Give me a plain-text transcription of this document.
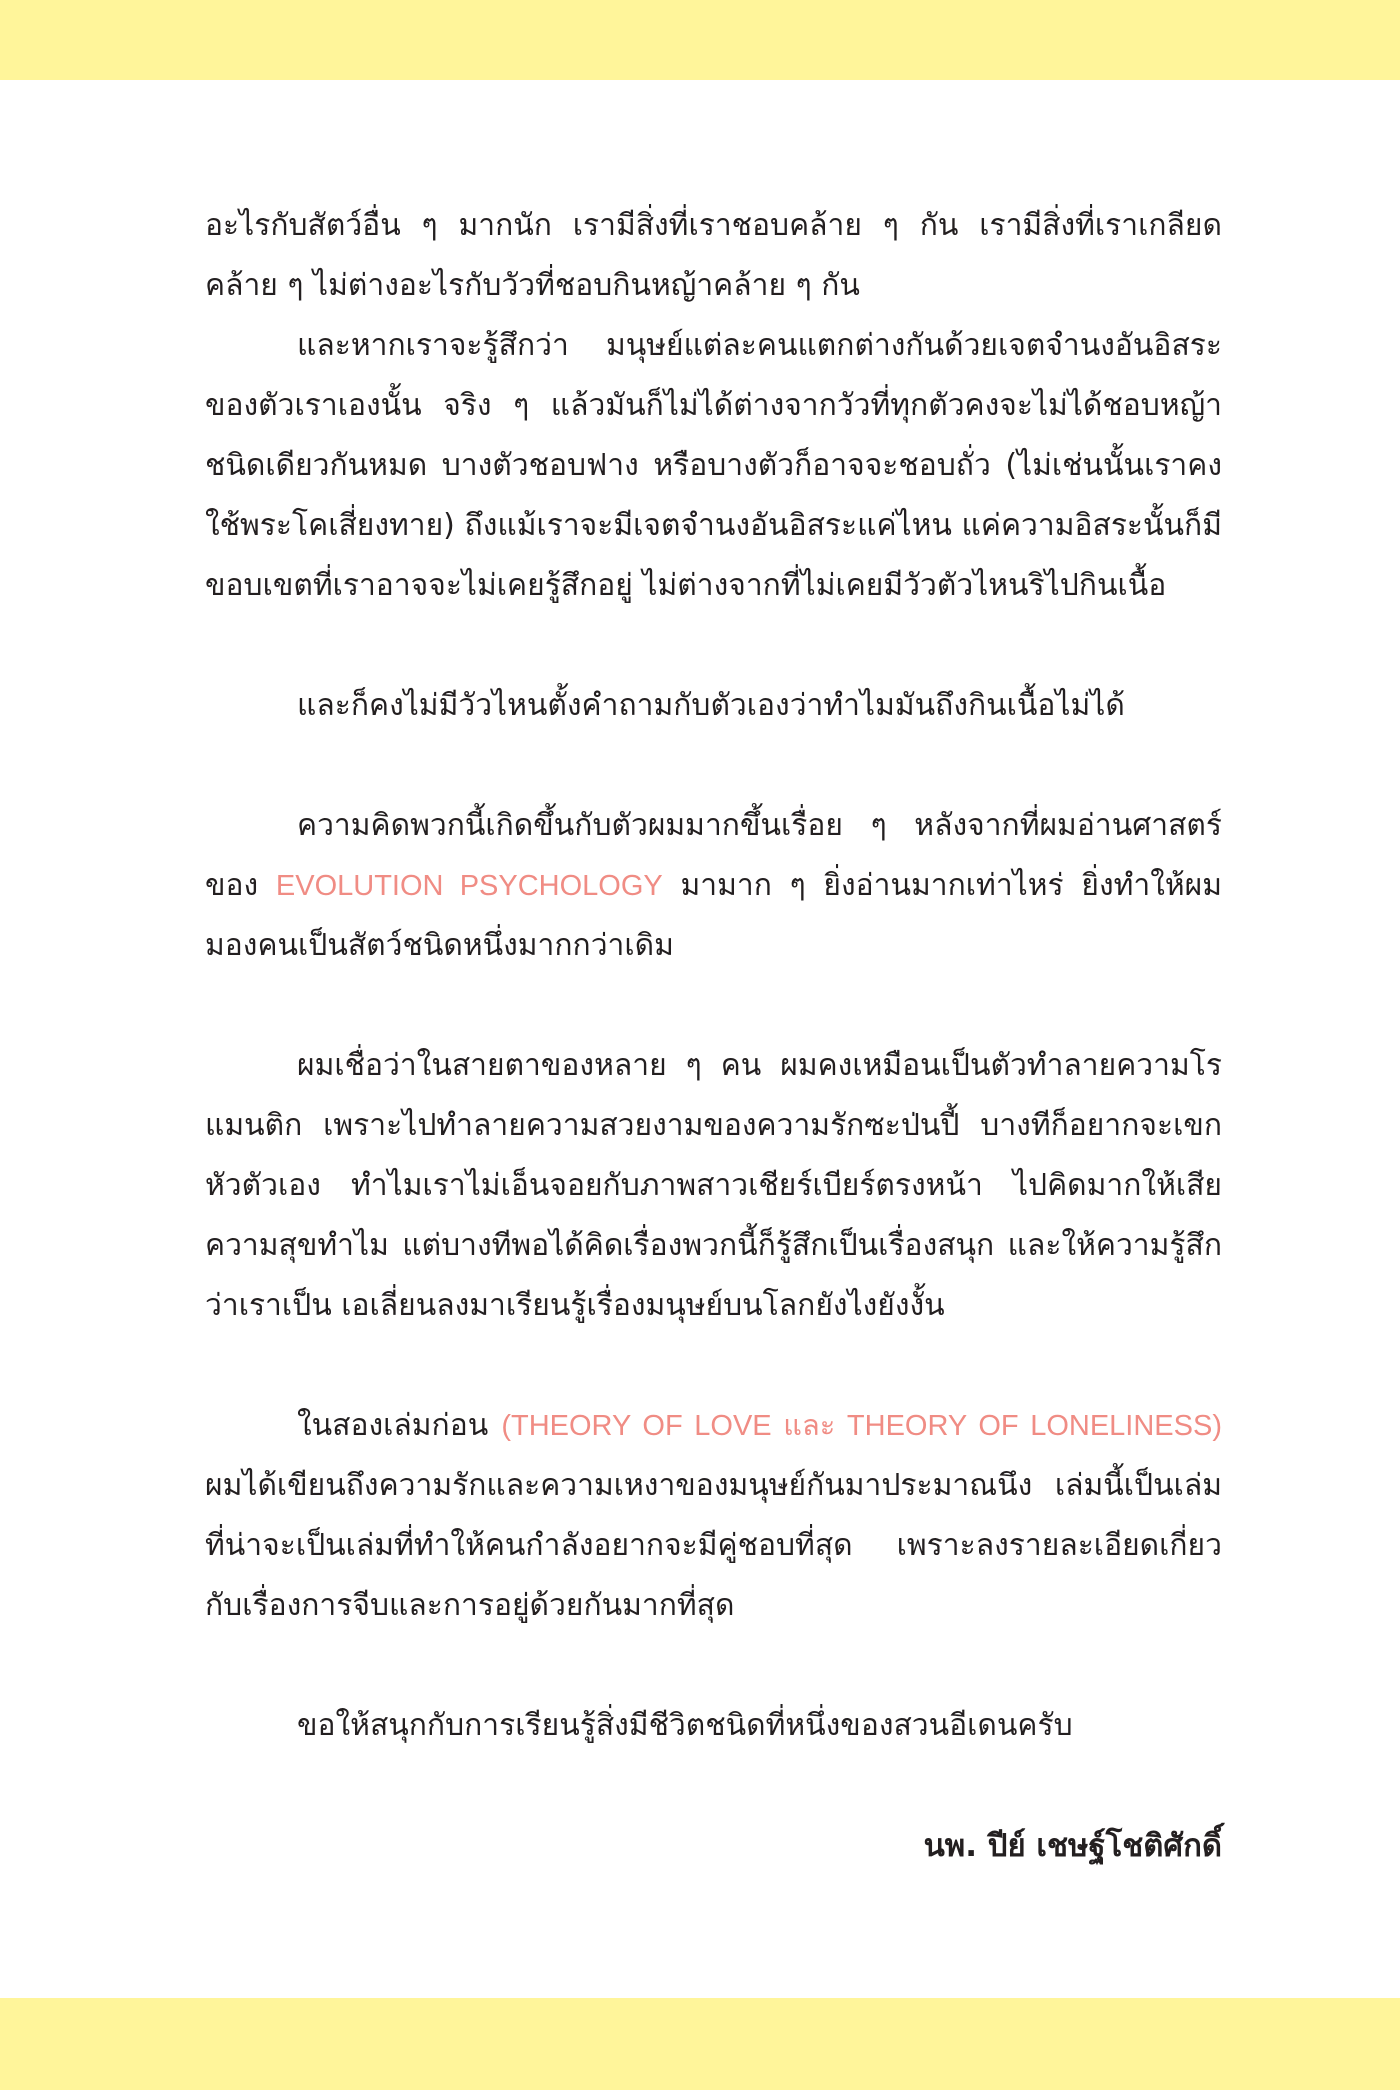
อะไรกับสัตว์อื่น ๆ มากนัก เรามีสิ่งที่เราชอบคล้าย ๆ กัน เรามีสิ่งที่เราเกลียดคล้าย ๆ ไม่ต่างอะไรกับวัวที่ชอบกินหญ้าคล้าย ๆ กัน

และหากเราจะรู้สึกว่า มนุษย์แต่ละคนแตกต่างกันด้วยเจตจำนงอันอิสระของตัวเราเองนั้น จริง ๆ แล้วมันก็ไม่ได้ต่างจากวัวที่ทุกตัวคงจะไม่ได้ชอบหญ้าชนิดเดียวกันหมด บางตัวชอบฟาง หรือบางตัวก็อาจจะชอบถั่ว (ไม่เช่นนั้นเราคงใช้พระโคเสี่ยงทาย) ถึงแม้เราจะมีเจตจำนงอันอิสระแค่ไหน แค่ความอิสระนั้นก็มีขอบเขตที่เราอาจจะไม่เคยรู้สึกอยู่ ไม่ต่างจากที่ไม่เคยมีวัวตัวไหนริไปกินเนื้อ

และก็คงไม่มีวัวไหนตั้งคำถามกับตัวเองว่าทำไมมันถึงกินเนื้อไม่ได้

ความคิดพวกนี้เกิดขึ้นกับตัวผมมากขึ้นเรื่อย ๆ หลังจากที่ผมอ่านศาสตร์ของ EVOLUTION PSYCHOLOGY มามาก ๆ ยิ่งอ่านมากเท่าไหร่ ยิ่งทำให้ผมมองคนเป็นสัตว์ชนิดหนึ่งมากกว่าเดิม

ผมเชื่อว่าในสายตาของหลาย ๆ คน ผมคงเหมือนเป็นตัวทำลายความโรแมนติก เพราะไปทำลายความสวยงามของความรักซะป่นปี้ บางทีก็อยากจะเขกหัวตัวเอง ทำไมเราไม่เอ็นจอยกับภาพสาวเชียร์เบียร์ตรงหน้า ไปคิดมากให้เสียความสุขทำไม แต่บางทีพอได้คิดเรื่องพวกนี้ก็รู้สึกเป็นเรื่องสนุก และให้ความรู้สึกว่าเราเป็น เอเลี่ยนลงมาเรียนรู้เรื่องมนุษย์บนโลกยังไงยังงั้น

ในสองเล่มก่อน (THEORY OF LOVE และ THEORY OF LONELINESS) ผมได้เขียนถึงความรักและความเหงาของมนุษย์กันมาประมาณนึง เล่มนี้เป็นเล่มที่น่าจะเป็นเล่มที่ทำให้คนกำลังอยากจะมีคู่ชอบที่สุด เพราะลงรายละเอียดเกี่ยวกับเรื่องการจีบและการอยู่ด้วยกันมากที่สุด

ขอให้สนุกกับการเรียนรู้สิ่งมีชีวิตชนิดที่หนึ่งของสวนอีเดนครับ

นพ. ปีย์ เชษฐ์โชติศักดิ์
